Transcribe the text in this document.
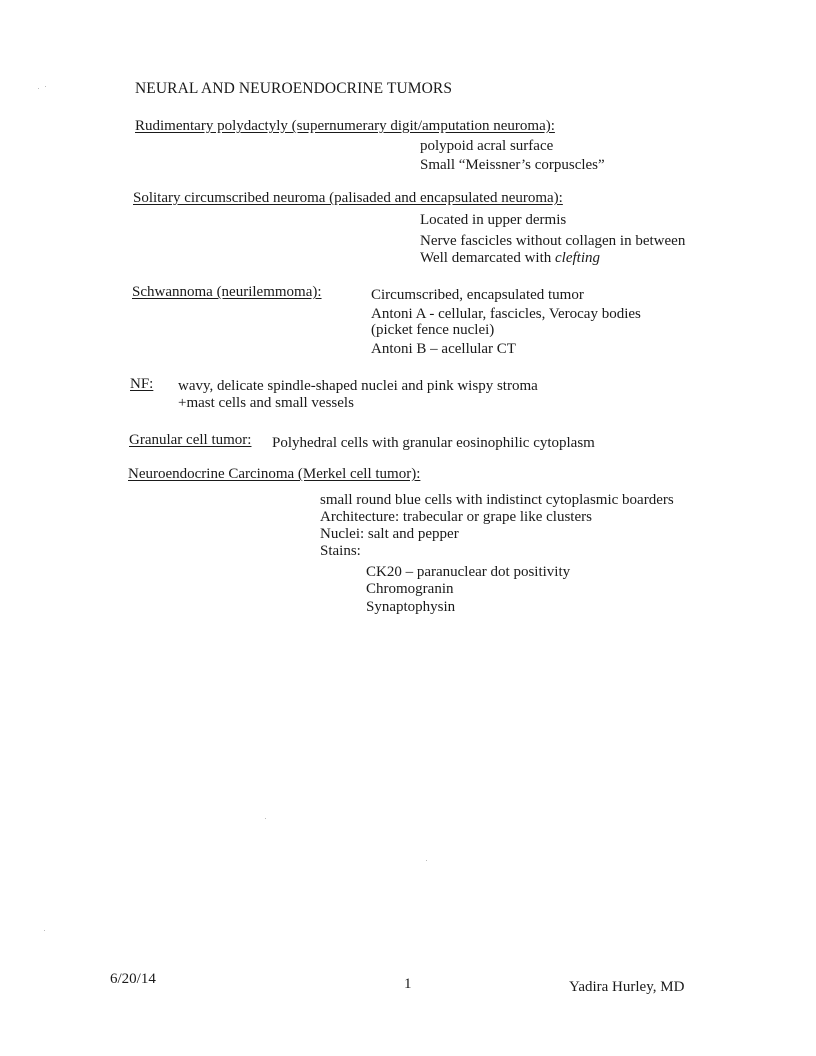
NEURAL AND NEUROENDOCRINE TUMORS
Rudimentary polydactyly (supernumerary digit/amputation neuroma):
polypoid acral surface
Small “Meissner’s corpuscles”
Solitary circumscribed neuroma (palisaded and encapsulated neuroma):
Located in upper dermis
Nerve fascicles without collagen in between
Well demarcated with clefting
Schwannoma (neurilemmoma):	Circumscribed, encapsulated tumor
Antoni A - cellular, fascicles, Verocay bodies
(picket fence nuclei)
Antoni B – acellular CT
NF: wavy, delicate spindle-shaped nuclei and pink wispy stroma
+mast cells and small vessels
Granular cell tumor: Polyhedral cells with granular eosinophilic cytoplasm
Neuroendocrine Carcinoma (Merkel cell tumor):
small round blue cells with indistinct cytoplasmic boarders
Architecture: trabecular or grape like clusters
Nuclei: salt and pepper
Stains:
CK20 – paranuclear dot positivity
Chromogranin
Synaptophysin
6/20/14	1	Yadira Hurley, MD
